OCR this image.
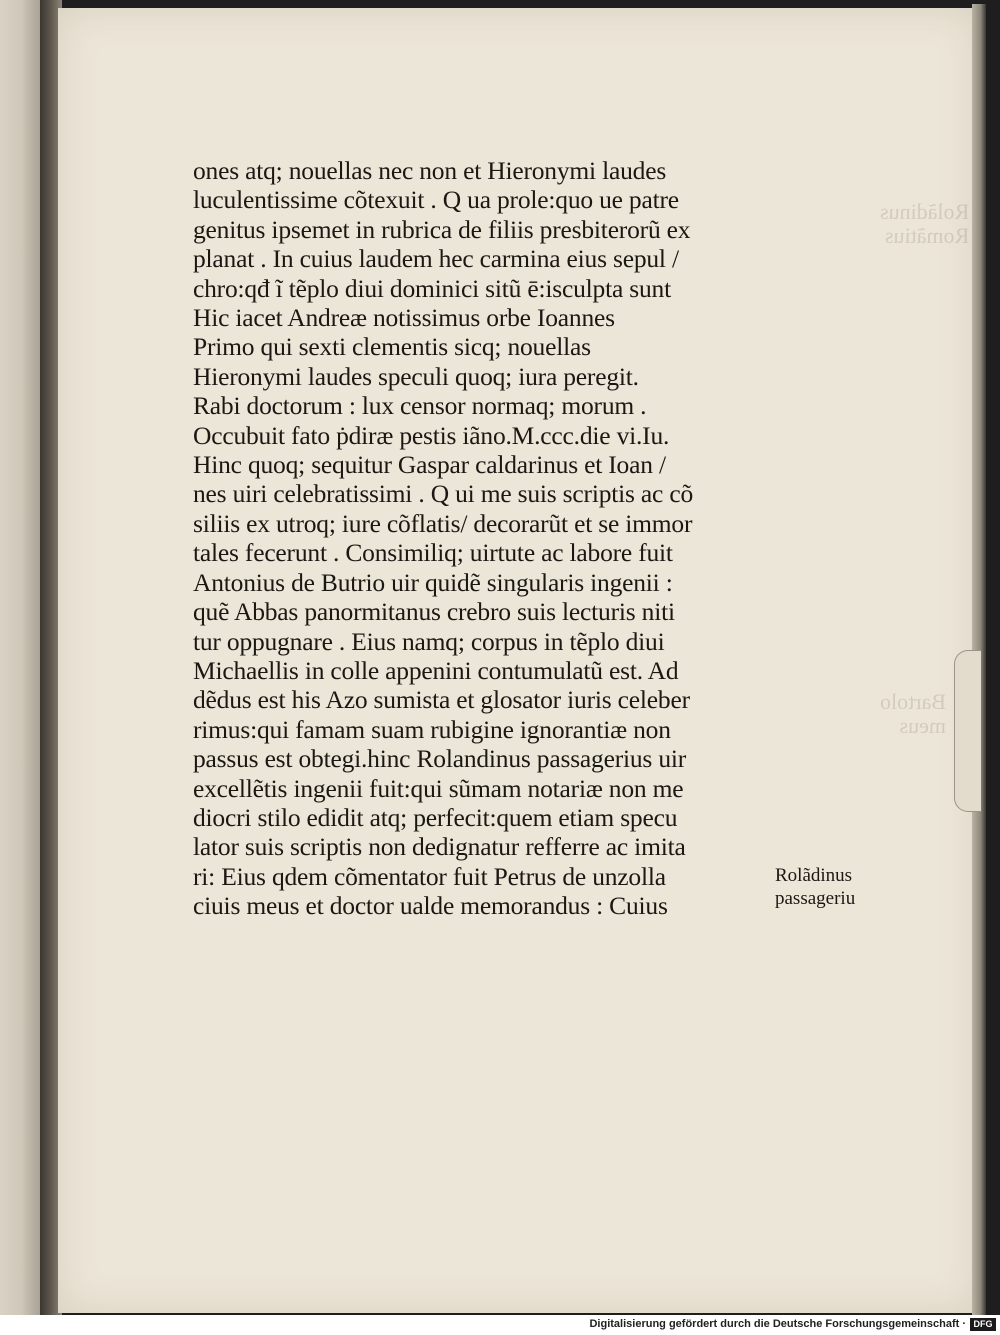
ones atq; nouellas nec non et Hieronymi laudes
luculentissime cõtexuit . Q ua prole:quo ue patre
genitus ipsemet in rubrica de filiis presbiterorũ ex
planat . In cuius laudem hec carmina eius sepul /
chro:qđ ĩ tẽplo diui dominici sitũ ē:isculpta sunt
Hic iacet Andreæ notissimus orbe Ioannes
Primo qui sexti clementis sicq; nouellas
Hieronymi laudes speculi quoq; iura peregit.
Rabi doctorum : lux censor normaq; morum .
Occubuit fato ṗdiræ pestis iãno.M.ccc.die vi.Iu.
Hinc quoq; sequitur Gaspar caldarinus et Ioan /
nes uiri celebratissimi . Q ui me suis scriptis ac cõ
siliis ex utroq; iure cõflatis/ decorarũt et se immor
tales fecerunt . Consimiliq; uirtute ac labore fuit
Antonius de Butrio uir quidẽ singularis ingenii :
quẽ Abbas panormitanus crebro suis lecturis niti
tur oppugnare . Eius namq; corpus in tẽplo diui
Michaellis in colle appenini contumulatũ est. Ad
dẽdus est his Azo sumista et glosator iuris celeber
rimus:qui famam suam rubigine ignorantiæ non
passus est obtegi.hinc Rolandinus passagerius uir
excellẽtis ingenii fuit:qui sũmam notariæ non me
diocri stilo edidit atq; perfecit:quem etiam specu
lator suis scriptis non dedignatur refferre ac imita
ri: Eius qdem cõmentator fuit Petrus de unzolla
ciuis meus et doctor ualde memorandus : Cuius
Rolãdinus
passageriu
Digitalisierung gefördert durch die Deutsche Forschungsgemeinschaft · DFG
